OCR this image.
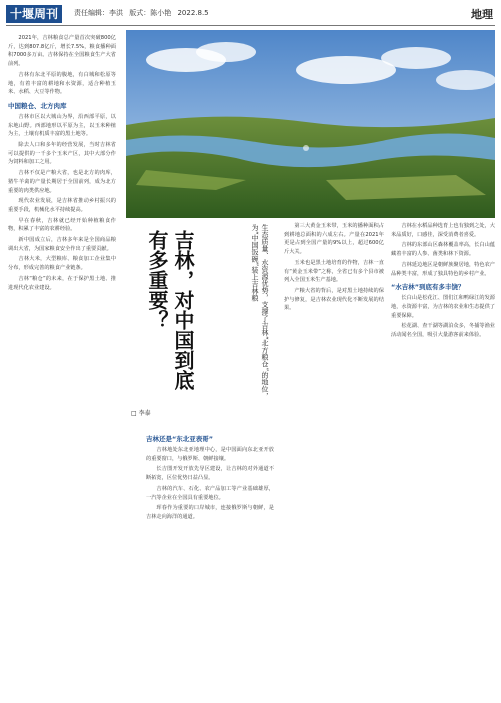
十堰周刊	责任编辑：李洪 版式：陈小艳 2022.8.5	地理

2021年，吉林粮食总产量首次突破800亿斤，达到807.8亿斤，增长7.5%，粮食播种面积7000多万亩。吉林保持在全国粮食生产大省前列。

吉林有东北平原的腹地，有白城和松原等地，有着丰富的耕地和水资源，适合种植玉米、水稻、大豆等作物。

中国粮仓、北方肉库

吉林市区以大城山为界，沿西部平原，以东地山野。西部地形以平原为主，以玉米种植为主，土壤有机质丰富的黑土地等。

除去人口和多年的经营发展，当时吉林省可以提供的一千多个玉米产区，其中大部分作为饲料和加工之用。

吉林不仅是产粮大省，也是北方的肉库，猪牛羊禽的产量长期居于全国前列，成为北方重要的肉类供应地。

现代农业发展，是吉林省推动乡村振兴的重要手段，机械化水平持续提高。

早在春秋，吉林就已经开始种植粮食作物，积累了丰富的农耕经验。

新中国成立后，吉林多年来是全国商品粮调出大省，为国家粮食安全作出了重要贡献。

吉林大米，大型粮库、粮食加工企业集中分布，形成完善的粮食产业链条。

吉林“粮仓”的未来，在于保护黑土地、推进现代化农业建设。	吉林，对中国到底有多重要？	生态质量、水资源优势，支撑了吉林“北方粮仓”的地位，为“中国饭碗”装上吉林粮
□ 李泰
吉林还是“东北亚表哥”

吉林地处东北亚地理中心，是中国面向东北亚开放的重要窗口，与俄罗斯、朝鲜接壤。

长吉图开发开放先导区建设，让吉林的对外通道不断拓宽，区位优势日益凸显。

吉林的汽车、石化、农产品加工等产业基础雄厚，一汽等企业在全国具有重要地位。

珲春作为重要的口岸城市，连接俄罗斯与朝鲜，是吉林走向海洋的通道。

第三大黄金玉米带，玉米的播种面积占到耕地总面积的六成左右。产量在2021年更是占到全国产量的9%以上，超过600亿斤大关。

玉米也是黑土地培育的作物，吉林一直有“黄金玉米带”之称，全省已有多个县市被列入全国玉米生产基地。

产粮大省的背后，是对黑土地持续的保护与修复，是吉林农业现代化不断发展的结果。

吉林在水稻品种选育上也有独到之处，大米品质好，口感佳，深受消费者喜爱。

吉林的东部山区森林覆盖率高，长白山蕴藏着丰富的人参、菌类和林下资源。

吉林延边地区是朝鲜族聚居地，特色农产品种类丰富，形成了独具特色的乡村产业。

“水吉林”到底有多丰饶？

长白山是松花江、图们江和鸭绿江的发源地，水资源丰富，为吉林的农业和生态提供了重要保障。

松花湖、查干湖等湖泊众多，冬捕等渔业活动闻名全国，吸引大量游客前来体验。
